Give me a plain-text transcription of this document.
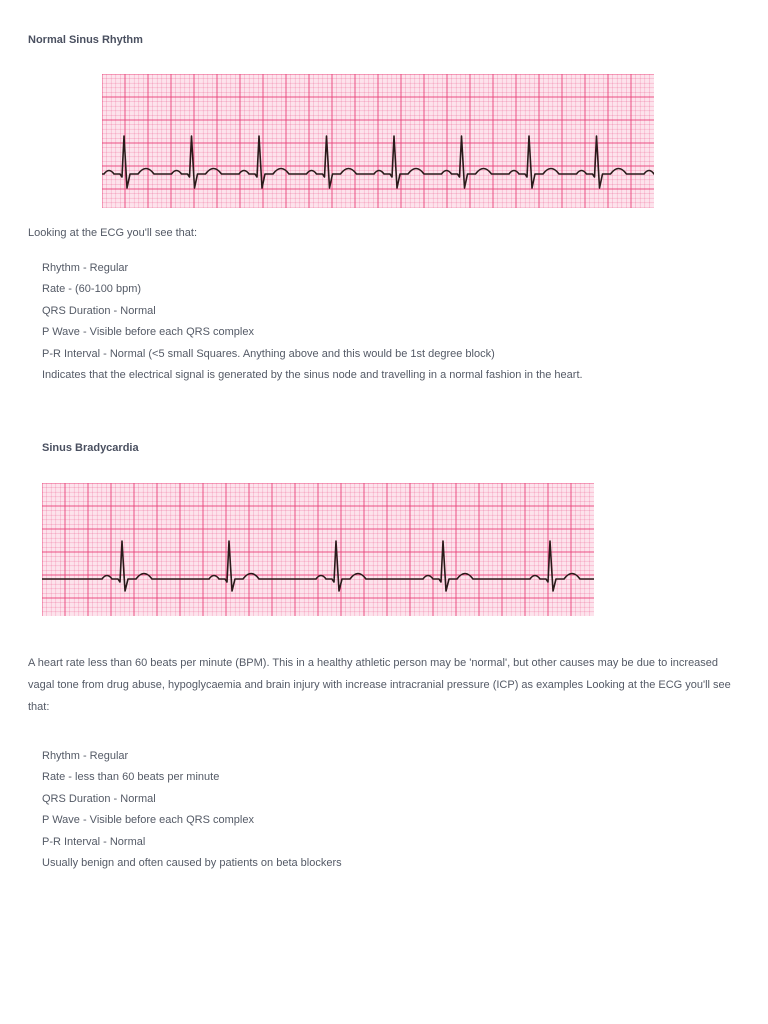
Normal Sinus Rhythm
Looking at the ECG you'll see that:
Rhythm - Regular
Rate - (60-100 bpm)
QRS Duration - Normal
P Wave - Visible before each QRS complex
P-R Interval - Normal (<5 small Squares. Anything above and this would be 1st degree block)
Indicates that the electrical signal is generated by the sinus node and travelling in a normal fashion in the heart.
Sinus Bradycardia
A heart rate less than 60 beats per minute (BPM). This in a healthy athletic person may be 'normal', but other causes may be due to increased vagal tone from drug abuse, hypoglycaemia and brain injury with increase intracranial pressure (ICP) as examples Looking at the ECG you'll see that:
Rhythm - Regular
Rate - less than 60 beats per minute
QRS Duration - Normal
P Wave - Visible before each QRS complex
P-R Interval - Normal
Usually benign and often caused by patients on beta blockers
